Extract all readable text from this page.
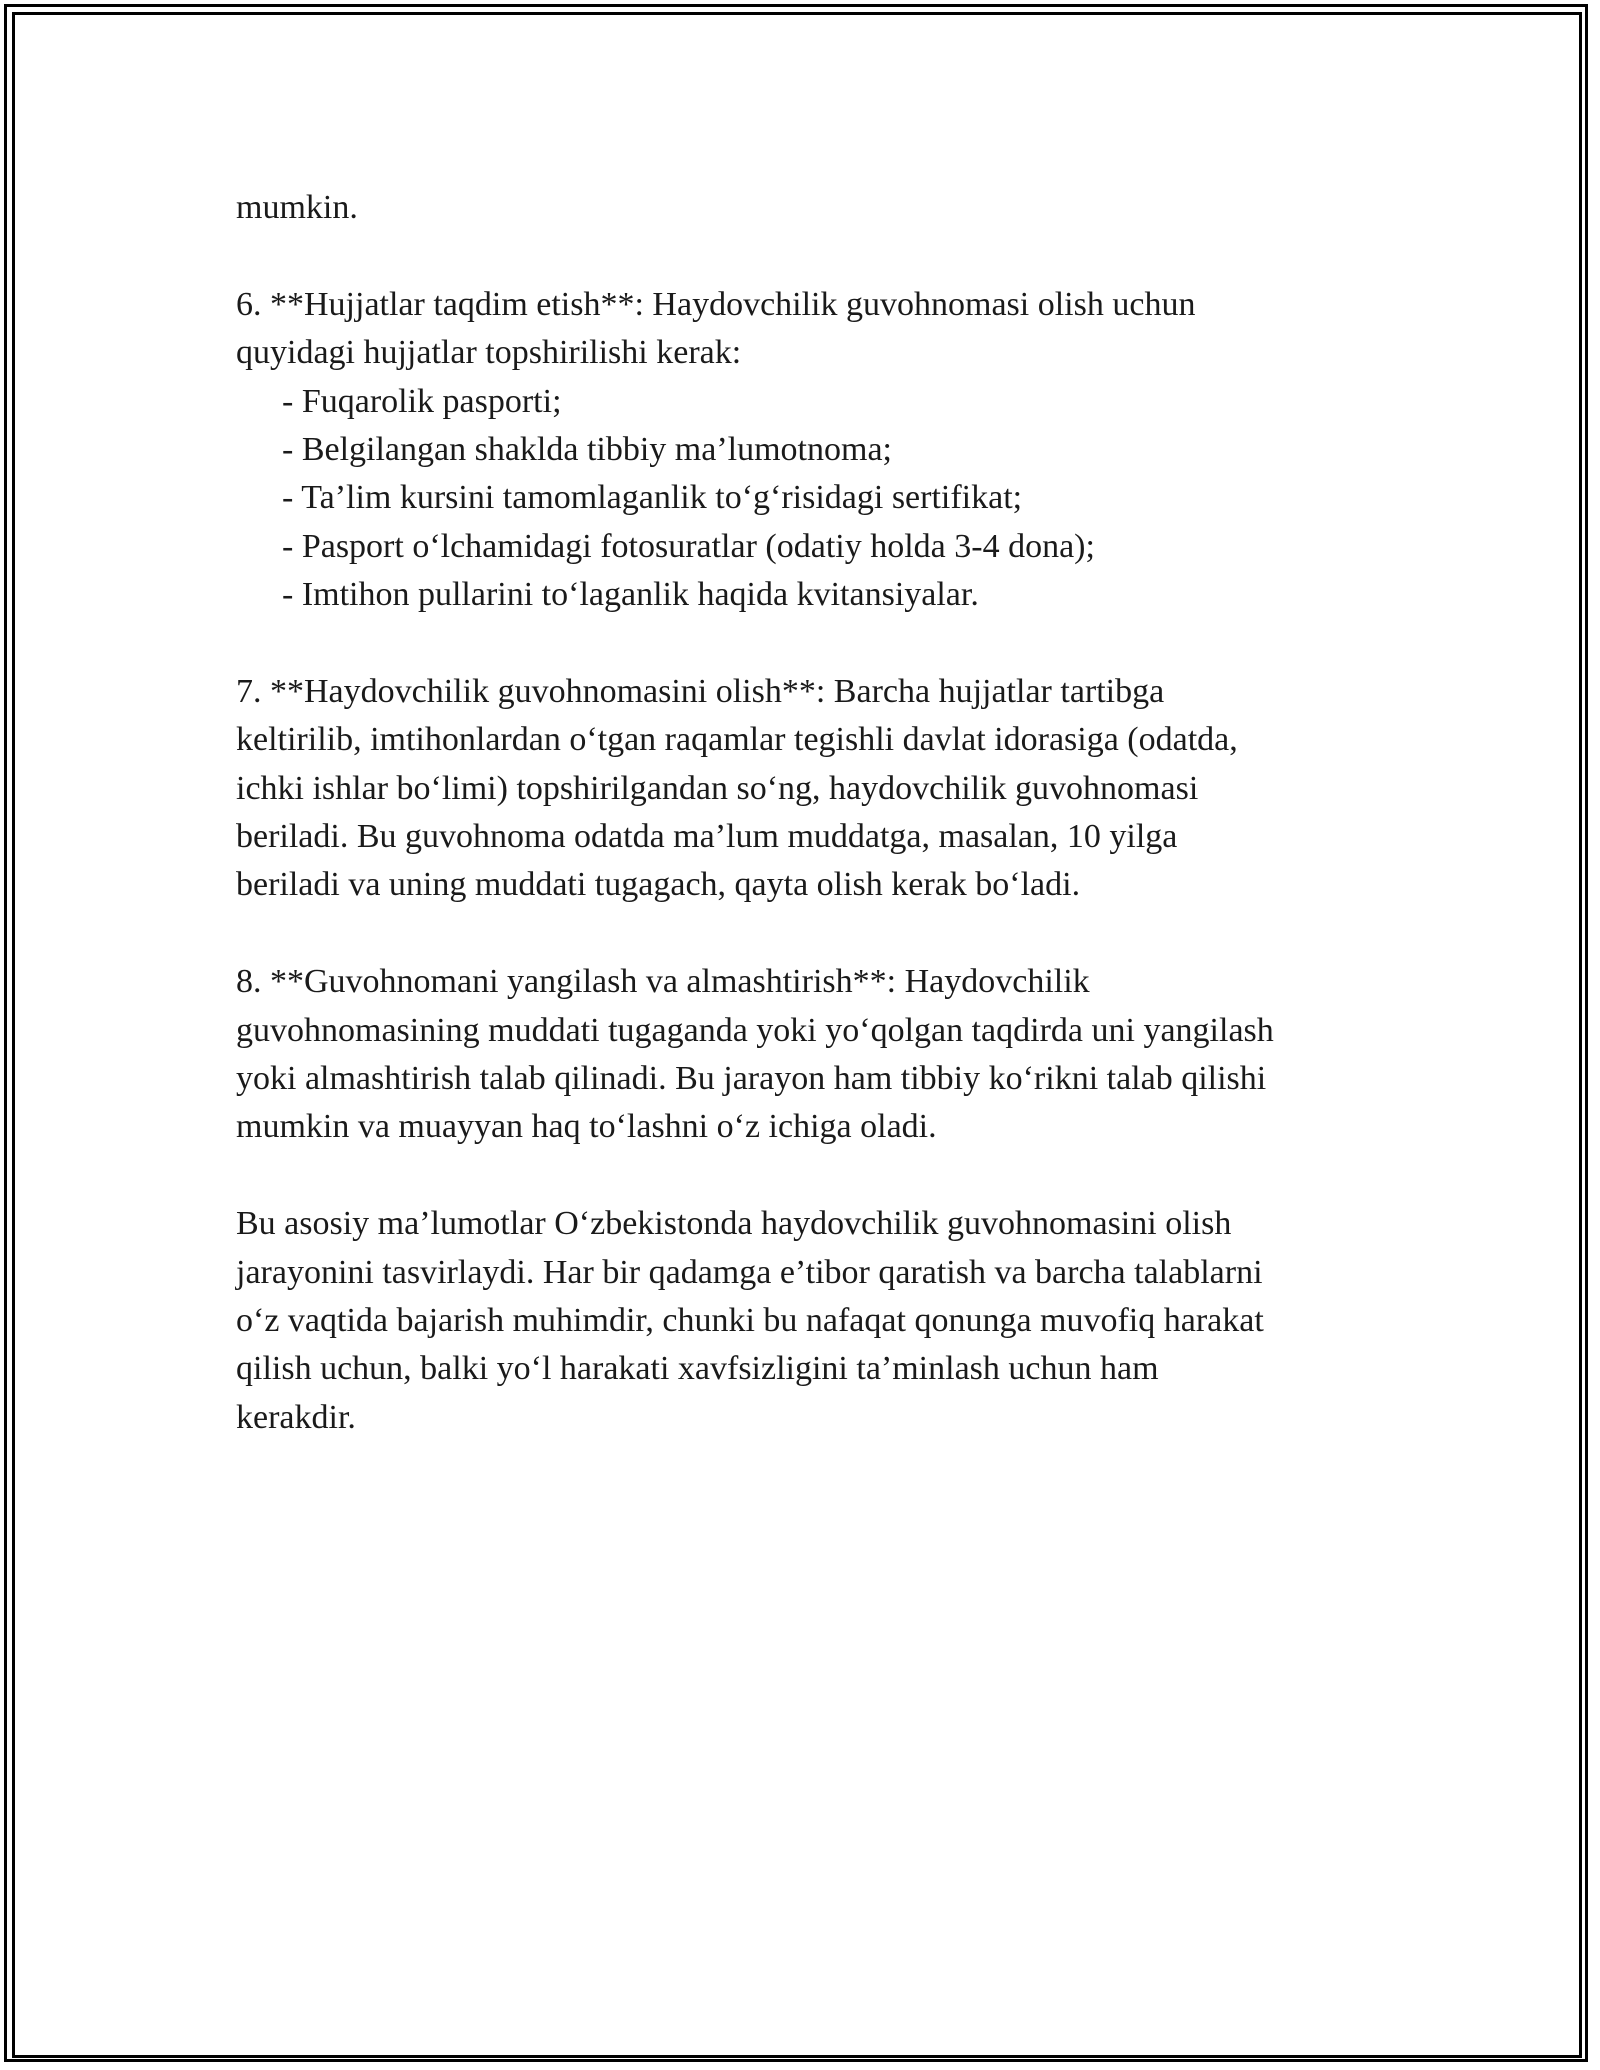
mumkin.
6. **Hujjatlar taqdim etish**: Haydovchilik guvohnomasi olish uchun
quyidagi hujjatlar topshirilishi kerak:
- Fuqarolik pasporti;
- Belgilangan shaklda tibbiy ma’lumotnoma;
- Ta’lim kursini tamomlaganlik to‘g‘risidagi sertifikat;
- Pasport o‘lchamidagi fotosuratlar (odatiy holda 3-4 dona);
- Imtihon pullarini to‘laganlik haqida kvitansiyalar.
7. **Haydovchilik guvohnomasini olish**: Barcha hujjatlar tartibga
keltirilib, imtihonlardan o‘tgan raqamlar tegishli davlat idorasiga (odatda,
ichki ishlar bo‘limi) topshirilgandan so‘ng, haydovchilik guvohnomasi
beriladi. Bu guvohnoma odatda ma’lum muddatga, masalan, 10 yilga
beriladi va uning muddati tugagach, qayta olish kerak bo‘ladi.
8. **Guvohnomani yangilash va almashtirish**: Haydovchilik
guvohnomasining muddati tugaganda yoki yo‘qolgan taqdirda uni yangilash
yoki almashtirish talab qilinadi. Bu jarayon ham tibbiy ko‘rikni talab qilishi
mumkin va muayyan haq to‘lashni o‘z ichiga oladi.
Bu asosiy ma’lumotlar O‘zbekistonda haydovchilik guvohnomasini olish
jarayonini tasvirlaydi. Har bir qadamga e’tibor qaratish va barcha talablarni
o‘z vaqtida bajarish muhimdir, chunki bu nafaqat qonunga muvofiq harakat
qilish uchun, balki yo‘l harakati xavfsizligini ta’minlash uchun ham
kerakdir.
